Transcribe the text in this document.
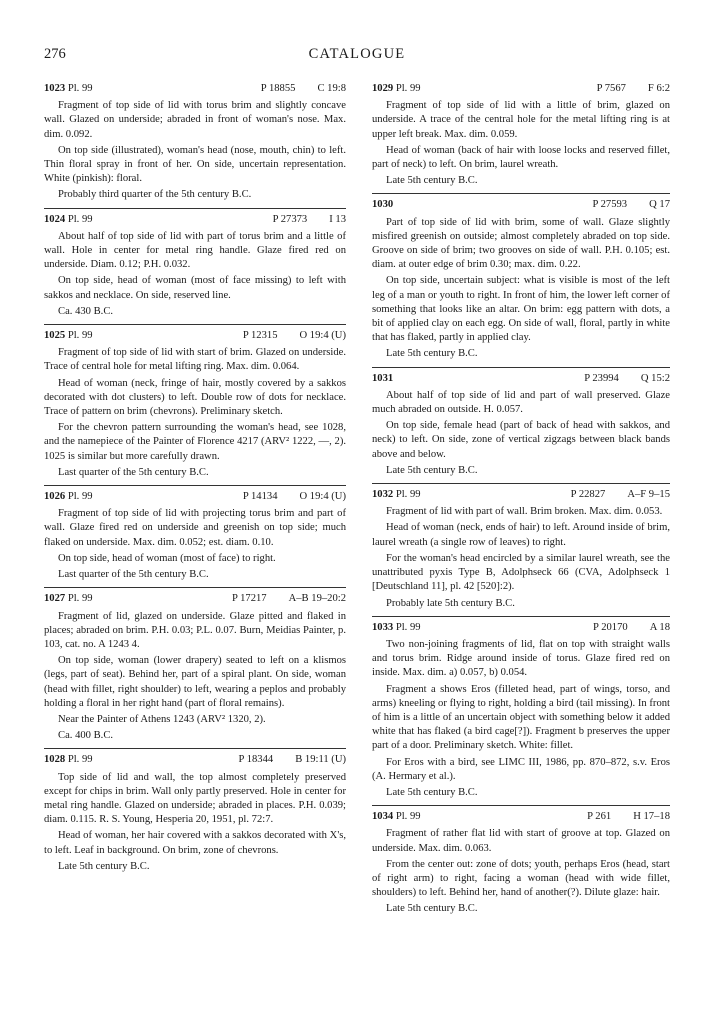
276	CATALOGUE
1023 Pl. 99	P 18855 C 19:8

Fragment of top side of lid with torus brim and slightly concave wall. Glazed on underside; abraded in front of woman's nose. Max. dim. 0.092.

On top side (illustrated), woman's head (nose, mouth, chin) to left. Thin floral spray in front of her. On side, uncertain representation. White (pinkish): floral.

Probably third quarter of the 5th century B.C.

1024 Pl. 99	P 27373 I 13

About half of top side of lid with part of torus brim and a little of wall. Hole in center for metal ring handle. Glaze fired red on underside. Diam. 0.12; P.H. 0.032.

On top side, head of woman (most of face missing) to left with sakkos and necklace. On side, reserved line.

Ca. 430 B.C.

1025 Pl. 99	P 12315 O 19:4 (U)

Fragment of top side of lid with start of brim. Glazed on underside. Trace of central hole for metal lifting ring. Max. dim. 0.064.

Head of woman (neck, fringe of hair, mostly covered by a sakkos decorated with dot clusters) to left. Double row of dots for necklace. Trace of pattern on brim (chevrons). Preliminary sketch.

For the chevron pattern surrounding the woman's head, see 1028, and the namepiece of the Painter of Florence 4217 (ARV² 1222, —, 2). 1025 is similar but more carefully drawn.

Last quarter of the 5th century B.C.

1026 Pl. 99	P 14134 O 19:4 (U)

Fragment of top side of lid with projecting torus brim and part of wall. Glaze fired red on underside and greenish on top side; much flaked on underside. Max. dim. 0.052; est. diam. 0.10.

On top side, head of woman (most of face) to right.

Last quarter of the 5th century B.C.

1027 Pl. 99	P 17217 A–B 19–20:2

Fragment of lid, glazed on underside. Glaze pitted and flaked in places; abraded on brim. P.H. 0.03; P.L. 0.07. Burn, Meidias Painter, p. 103, cat. no. A 1243 4.

On top side, woman (lower drapery) seated to left on a klismos (legs, part of seat). Behind her, part of a spiral plant. On side, woman (head with fillet, right shoulder) to left, wearing a peplos and probably holding a floral in her right hand (part of floral remains).

Near the Painter of Athens 1243 (ARV² 1320, 2).

Ca. 400 B.C.

1028 Pl. 99	P 18344 B 19:11 (U)

Top side of lid and wall, the top almost completely preserved except for chips in brim. Wall only partly preserved. Hole in center for metal ring handle. Glazed on underside; abraded in places. P.H. 0.039; diam. 0.115. R. S. Young, Hesperia 20, 1951, pl. 72:7.

Head of woman, her hair covered with a sakkos decorated with X's, to left. Leaf in background. On brim, zone of chevrons.

Late 5th century B.C.

1029 Pl. 99	P 7567 F 6:2

Fragment of top side of lid with a little of brim, glazed on underside. A trace of the central hole for the metal lifting ring is at upper left break. Max. dim. 0.059.

Head of woman (back of hair with loose locks and reserved fillet, part of neck) to left. On brim, laurel wreath.

Late 5th century B.C.

1030	P 27593 Q 17

Part of top side of lid with brim, some of wall. Glaze slightly misfired greenish on outside; almost completely abraded on top side. Groove on side of brim; two grooves on side of wall. P.H. 0.105; est. diam. at outer edge of brim 0.30; max. dim. 0.22.

On top side, uncertain subject: what is visible is most of the left leg of a man or youth to right. In front of him, the lower left corner of something that looks like an altar. On brim: egg pattern with dots, a bit of applied clay on each egg. On side of wall, floral, partly in white that has flaked, partly in applied clay.

Late 5th century B.C.

1031	P 23994 Q 15:2

About half of top side of lid and part of wall preserved. Glaze much abraded on outside. H. 0.057.

On top side, female head (part of back of head with sakkos, and neck) to left. On side, zone of vertical zigzags between black bands above and below.

Late 5th century B.C.

1032 Pl. 99	P 22827 A–F 9–15

Fragment of lid with part of wall. Brim broken. Max. dim. 0.053.

Head of woman (neck, ends of hair) to left. Around inside of brim, laurel wreath (a single row of leaves) to right.

For the woman's head encircled by a similar laurel wreath, see the unattributed pyxis Type B, Adolphseck 66 (CVA, Adolphseck 1 [Deutschland 11], pl. 42 [520]:2).

Probably late 5th century B.C.

1033 Pl. 99	P 20170 A 18

Two non-joining fragments of lid, flat on top with straight walls and torus brim. Ridge around inside of torus. Glaze fired red on inside. Max. dim. a) 0.057, b) 0.054.

Fragment a shows Eros (filleted head, part of wings, torso, and arms) kneeling or flying to right, holding a bird (tail missing). In front of him is a little of an uncertain object with something below it added white that has flaked (a bird cage[?]). Fragment b preserves the upper part of a door. Preliminary sketch. White: fillet.

For Eros with a bird, see LIMC III, 1986, pp. 870–872, s.v. Eros (A. Hermary et al.).

Late 5th century B.C.

1034 Pl. 99	P 261 H 17–18

Fragment of rather flat lid with start of groove at top. Glazed on underside. Max. dim. 0.063.

From the center out: zone of dots; youth, perhaps Eros (head, start of right arm) to right, facing a woman (head with wide fillet, shoulders) to left. Behind her, hand of another(?). Dilute glaze: hair.

Late 5th century B.C.
